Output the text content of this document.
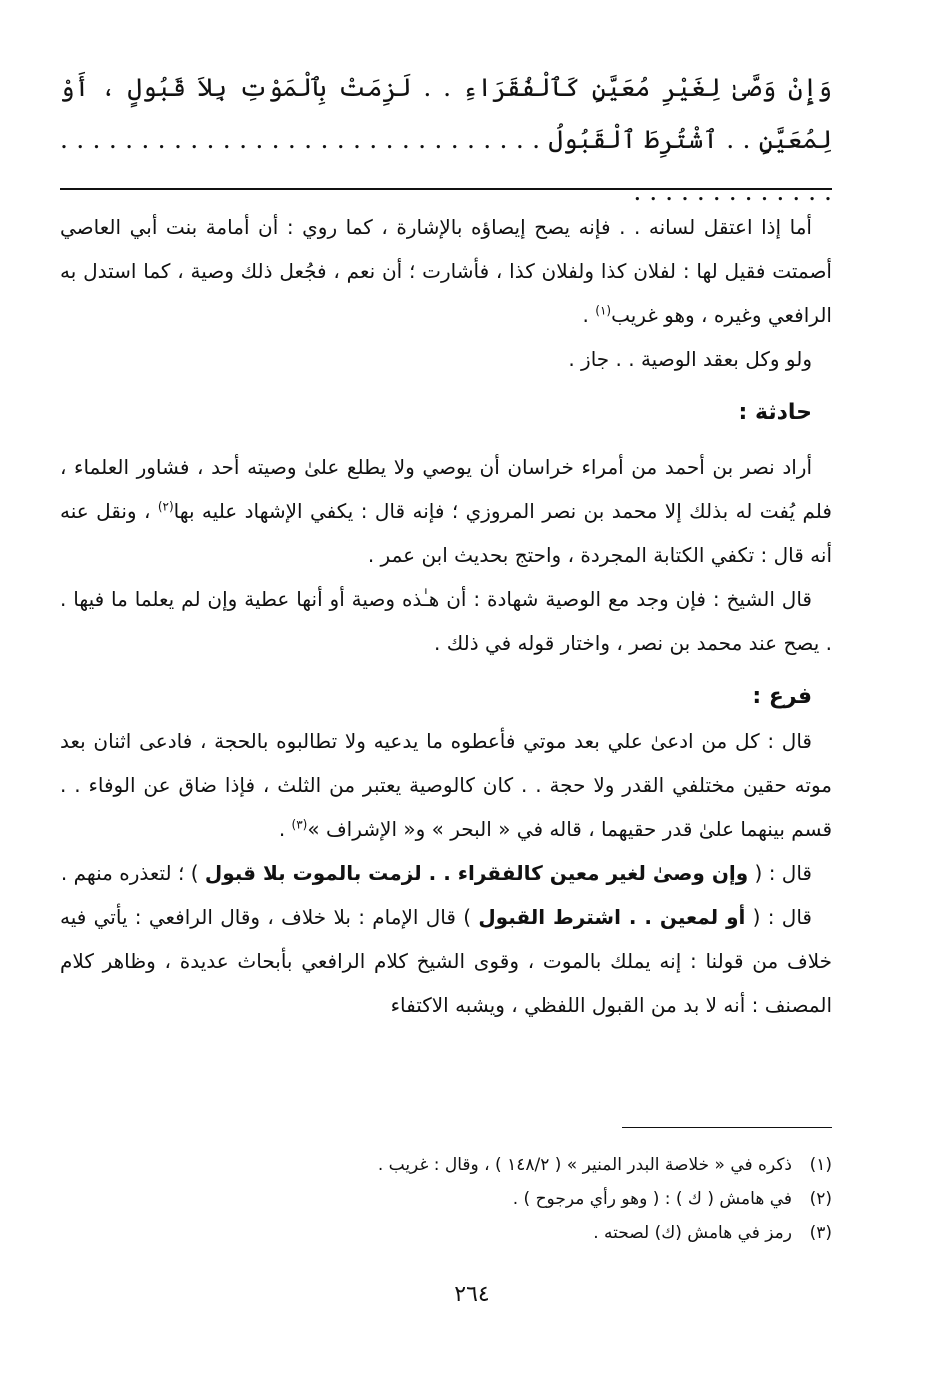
وَإِنْ وَصَّىٰ لِغَيْرِ مُعَيَّنٍ كَٱلْفُقَرَاءِ . . لَزِمَتْ بِٱلْمَوْتِ بِلاَ قَبُولٍ ، أَوْ لِمُعَيَّنٍ . . ٱشْتُرِطَ ٱلْقَبُولُ . . . . . . . . . . . . . . . . . . . . . . . . . . . . . . . . . . . . . . . . . . .

أما إذا اعتقل لسانه . . فإنه يصح إيصاؤه بالإشارة ، كما روي : أن أمامة بنت أبي العاصي أصمتت فقيل لها : لفلان كذا ولفلان كذا ، فأشارت ؛ أن نعم ، فجُعل ذلك وصية ، كما استدل به الرافعي وغيره ، وهو غريب$^{(١)}$ .

ولو وكل بعقد الوصية . . جاز .

حادثة :

أراد نصر بن أحمد من أمراء خراسان أن يوصي ولا يطلع علىٰ وصيته أحد ، فشاور العلماء ، فلم يُفت له بذلك إلا محمد بن نصر المروزي ؛ فإنه قال : يكفي الإشهاد عليه بها$^{(٢)}$ ، ونقل عنه أنه قال : تكفي الكتابة المجردة ، واحتج بحديث ابن عمر .

قال الشيخ : فإن وجد مع الوصية شهادة : أن هـٰذه وصية أو أنها عطية وإن لم يعلما ما فيها . . يصح عند محمد بن نصر ، واختار قوله في ذلك .

فرع :

قال : كل من ادعىٰ علي بعد موتي فأعطوه ما يدعيه ولا تطالبوه بالحجة ، فادعى اثنان بعد موته حقين مختلفي القدر ولا حجة . . كان كالوصية يعتبر من الثلث ، فإذا ضاق عن الوفاء . . قسم بينهما علىٰ قدر حقيهما ، قاله في « البحر » و« الإشراف »$^{(٣)}$ .

قال : ( وإن وصىٰ لغير معين كالفقراء . . لزمت بالموت بلا قبول ) ؛ لتعذره منهم .

قال : ( أو لمعين . . اشترط القبول ) قال الإمام : بلا خلاف ، وقال الرافعي : يأتي فيه خلاف من قولنا : إنه يملك بالموت ، وقوى الشيخ كلام الرافعي بأبحاث عديدة ، وظاهر كلام المصنف : أنه لا بد من القبول اللفظي ، ويشبه الاكتفاء

(١)
ذكره في « خلاصة البدر المنير » ( ١٤٨/٢ ) ، وقال : غريب .
(٢)
في هامش ( ك ) : ( وهو رأي مرجوح ) .
(٣)
رمز في هامش (ك) لصحته .
٢٦٤
